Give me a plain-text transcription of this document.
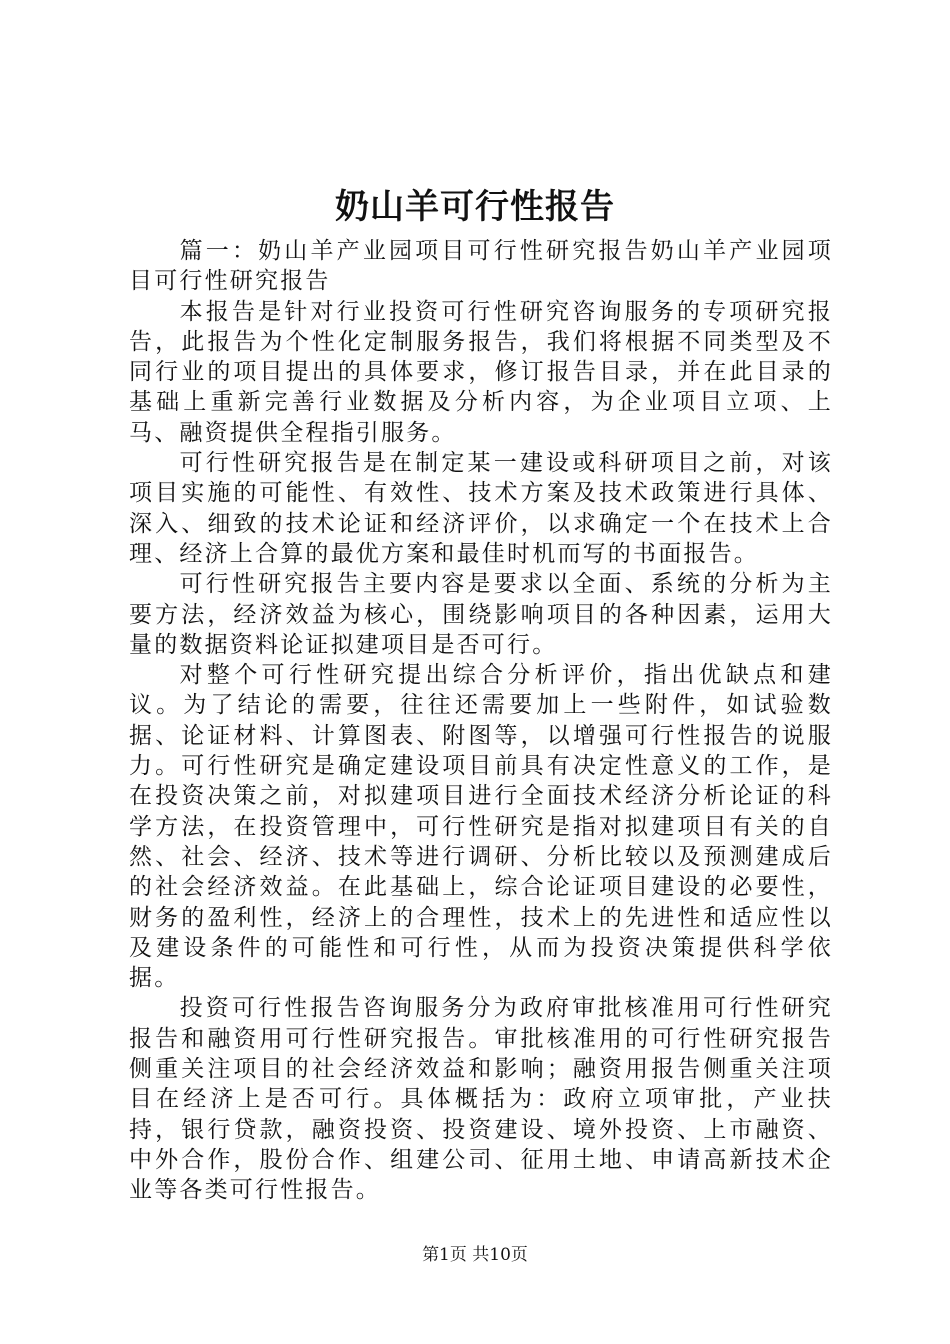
奶山羊可行性报告

篇一：奶山羊产业园项目可行性研究报告奶山羊产业园项目可行性研究报告

本报告是针对行业投资可行性研究咨询服务的专项研究报告，此报告为个性化定制服务报告，我们将根据不同类型及不同行业的项目提出的具体要求，修订报告目录，并在此目录的基础上重新完善行业数据及分析内容，为企业项目立项、上马、融资提供全程指引服务。

可行性研究报告是在制定某一建设或科研项目之前，对该项目实施的可能性、有效性、技术方案及技术政策进行具体、深入、细致的技术论证和经济评价，以求确定一个在技术上合理、经济上合算的最优方案和最佳时机而写的书面报告。

可行性研究报告主要内容是要求以全面、系统的分析为主要方法，经济效益为核心，围绕影响项目的各种因素，运用大量的数据资料论证拟建项目是否可行。

对整个可行性研究提出综合分析评价，指出优缺点和建议。为了结论的需要，往往还需要加上一些附件，如试验数据、论证材料、计算图表、附图等，以增强可行性报告的说服力。可行性研究是确定建设项目前具有决定性意义的工作，是在投资决策之前，对拟建项目进行全面技术经济分析论证的科学方法，在投资管理中，可行性研究是指对拟建项目有关的自然、社会、经济、技术等进行调研、分析比较以及预测建成后的社会经济效益。在此基础上，综合论证项目建设的必要性，财务的盈利性，经济上的合理性，技术上的先进性和适应性以及建设条件的可能性和可行性，从而为投资决策提供科学依据。

投资可行性报告咨询服务分为政府审批核准用可行性研究报告和融资用可行性研究报告。审批核准用的可行性研究报告侧重关注项目的社会经济效益和影响；融资用报告侧重关注项目在经济上是否可行。具体概括为：政府立项审批，产业扶持，银行贷款，融资投资、投资建设、境外投资、上市融资、中外合作，股份合作、组建公司、征用土地、申请高新技术企业等各类可行性报告。

第1页 共10页
